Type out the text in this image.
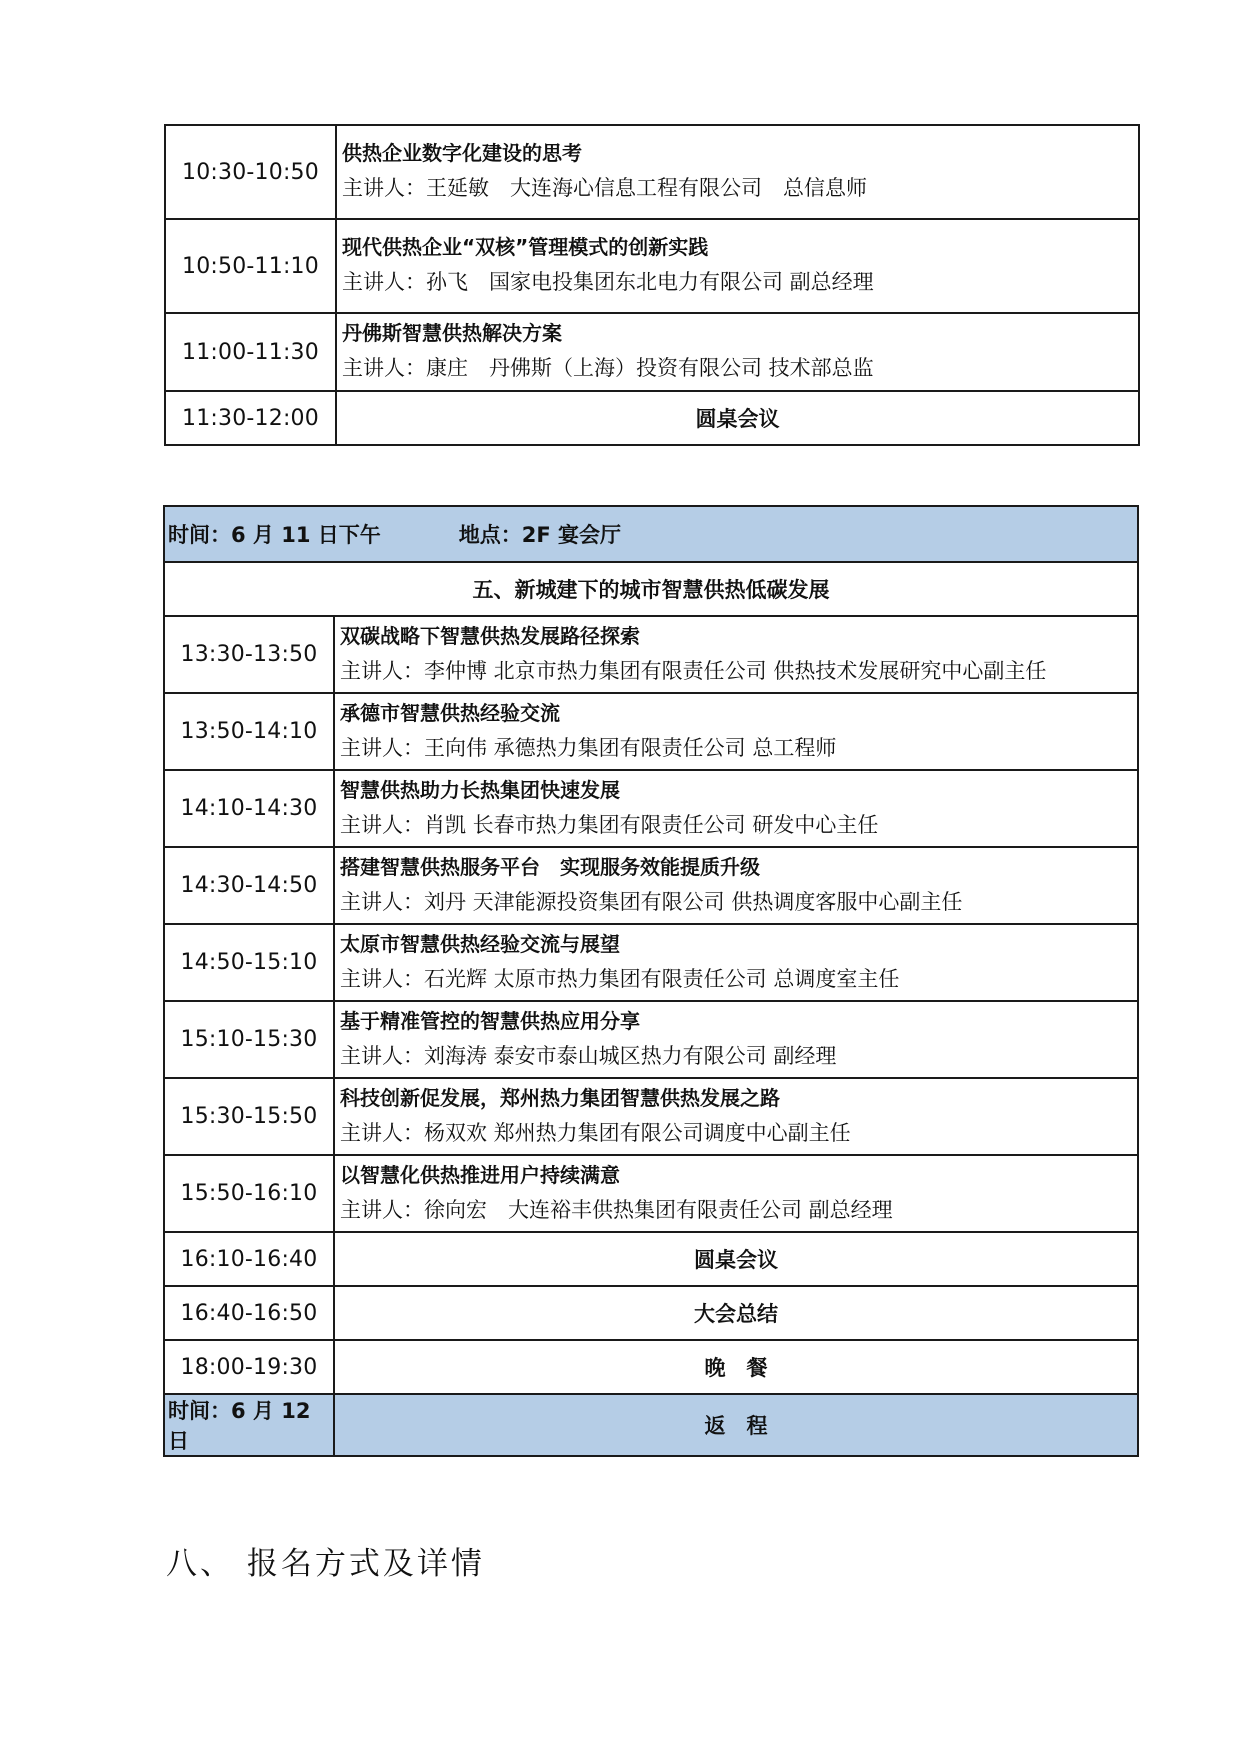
10:30-10:50	供热企业数字化建设的思考
主讲人：王延敏　大连海心信息工程有限公司　总信息师

10:50-11:10	现代供热企业“双核”管理模式的创新实践
主讲人：孙飞　国家电投集团东北电力有限公司 副总经理

11:00-11:30	丹佛斯智慧供热解决方案
主讲人：康庄　丹佛斯（上海）投资有限公司 技术部总监

11:30-12:00	圆桌会议
时间：6 月 11 日下午 地点：2F 宴会厅	
五、新城建下的城市智慧供热低碳发展	
13:30-13:50	双碳战略下智慧供热发展路径探索
主讲人：李仲博 北京市热力集团有限责任公司 供热技术发展研究中心副主任

13:50-14:10	承德市智慧供热经验交流
主讲人：王向伟 承德热力集团有限责任公司 总工程师

14:10-14:30	智慧供热助力长热集团快速发展
主讲人：肖凯 长春市热力集团有限责任公司 研发中心主任

14:30-14:50	搭建智慧供热服务平台　实现服务效能提质升级
主讲人：刘丹 天津能源投资集团有限公司 供热调度客服中心副主任

14:50-15:10	太原市智慧供热经验交流与展望
主讲人：石光辉 太原市热力集团有限责任公司 总调度室主任

15:10-15:30	基于精准管控的智慧供热应用分享
主讲人：刘海涛 泰安市泰山城区热力有限公司 副经理

15:30-15:50	科技创新促发展，郑州热力集团智慧供热发展之路
主讲人：杨双欢 郑州热力集团有限公司调度中心副主任

15:50-16:10	以智慧化供热推进用户持续满意
主讲人：徐向宏　大连裕丰供热集团有限责任公司 副总经理

16:10-16:40	圆桌会议
16:40-16:50	大会总结
18:00-19:30	晚　餐
时间：6 月 12 日	返　程
八、 报名方式及详情
